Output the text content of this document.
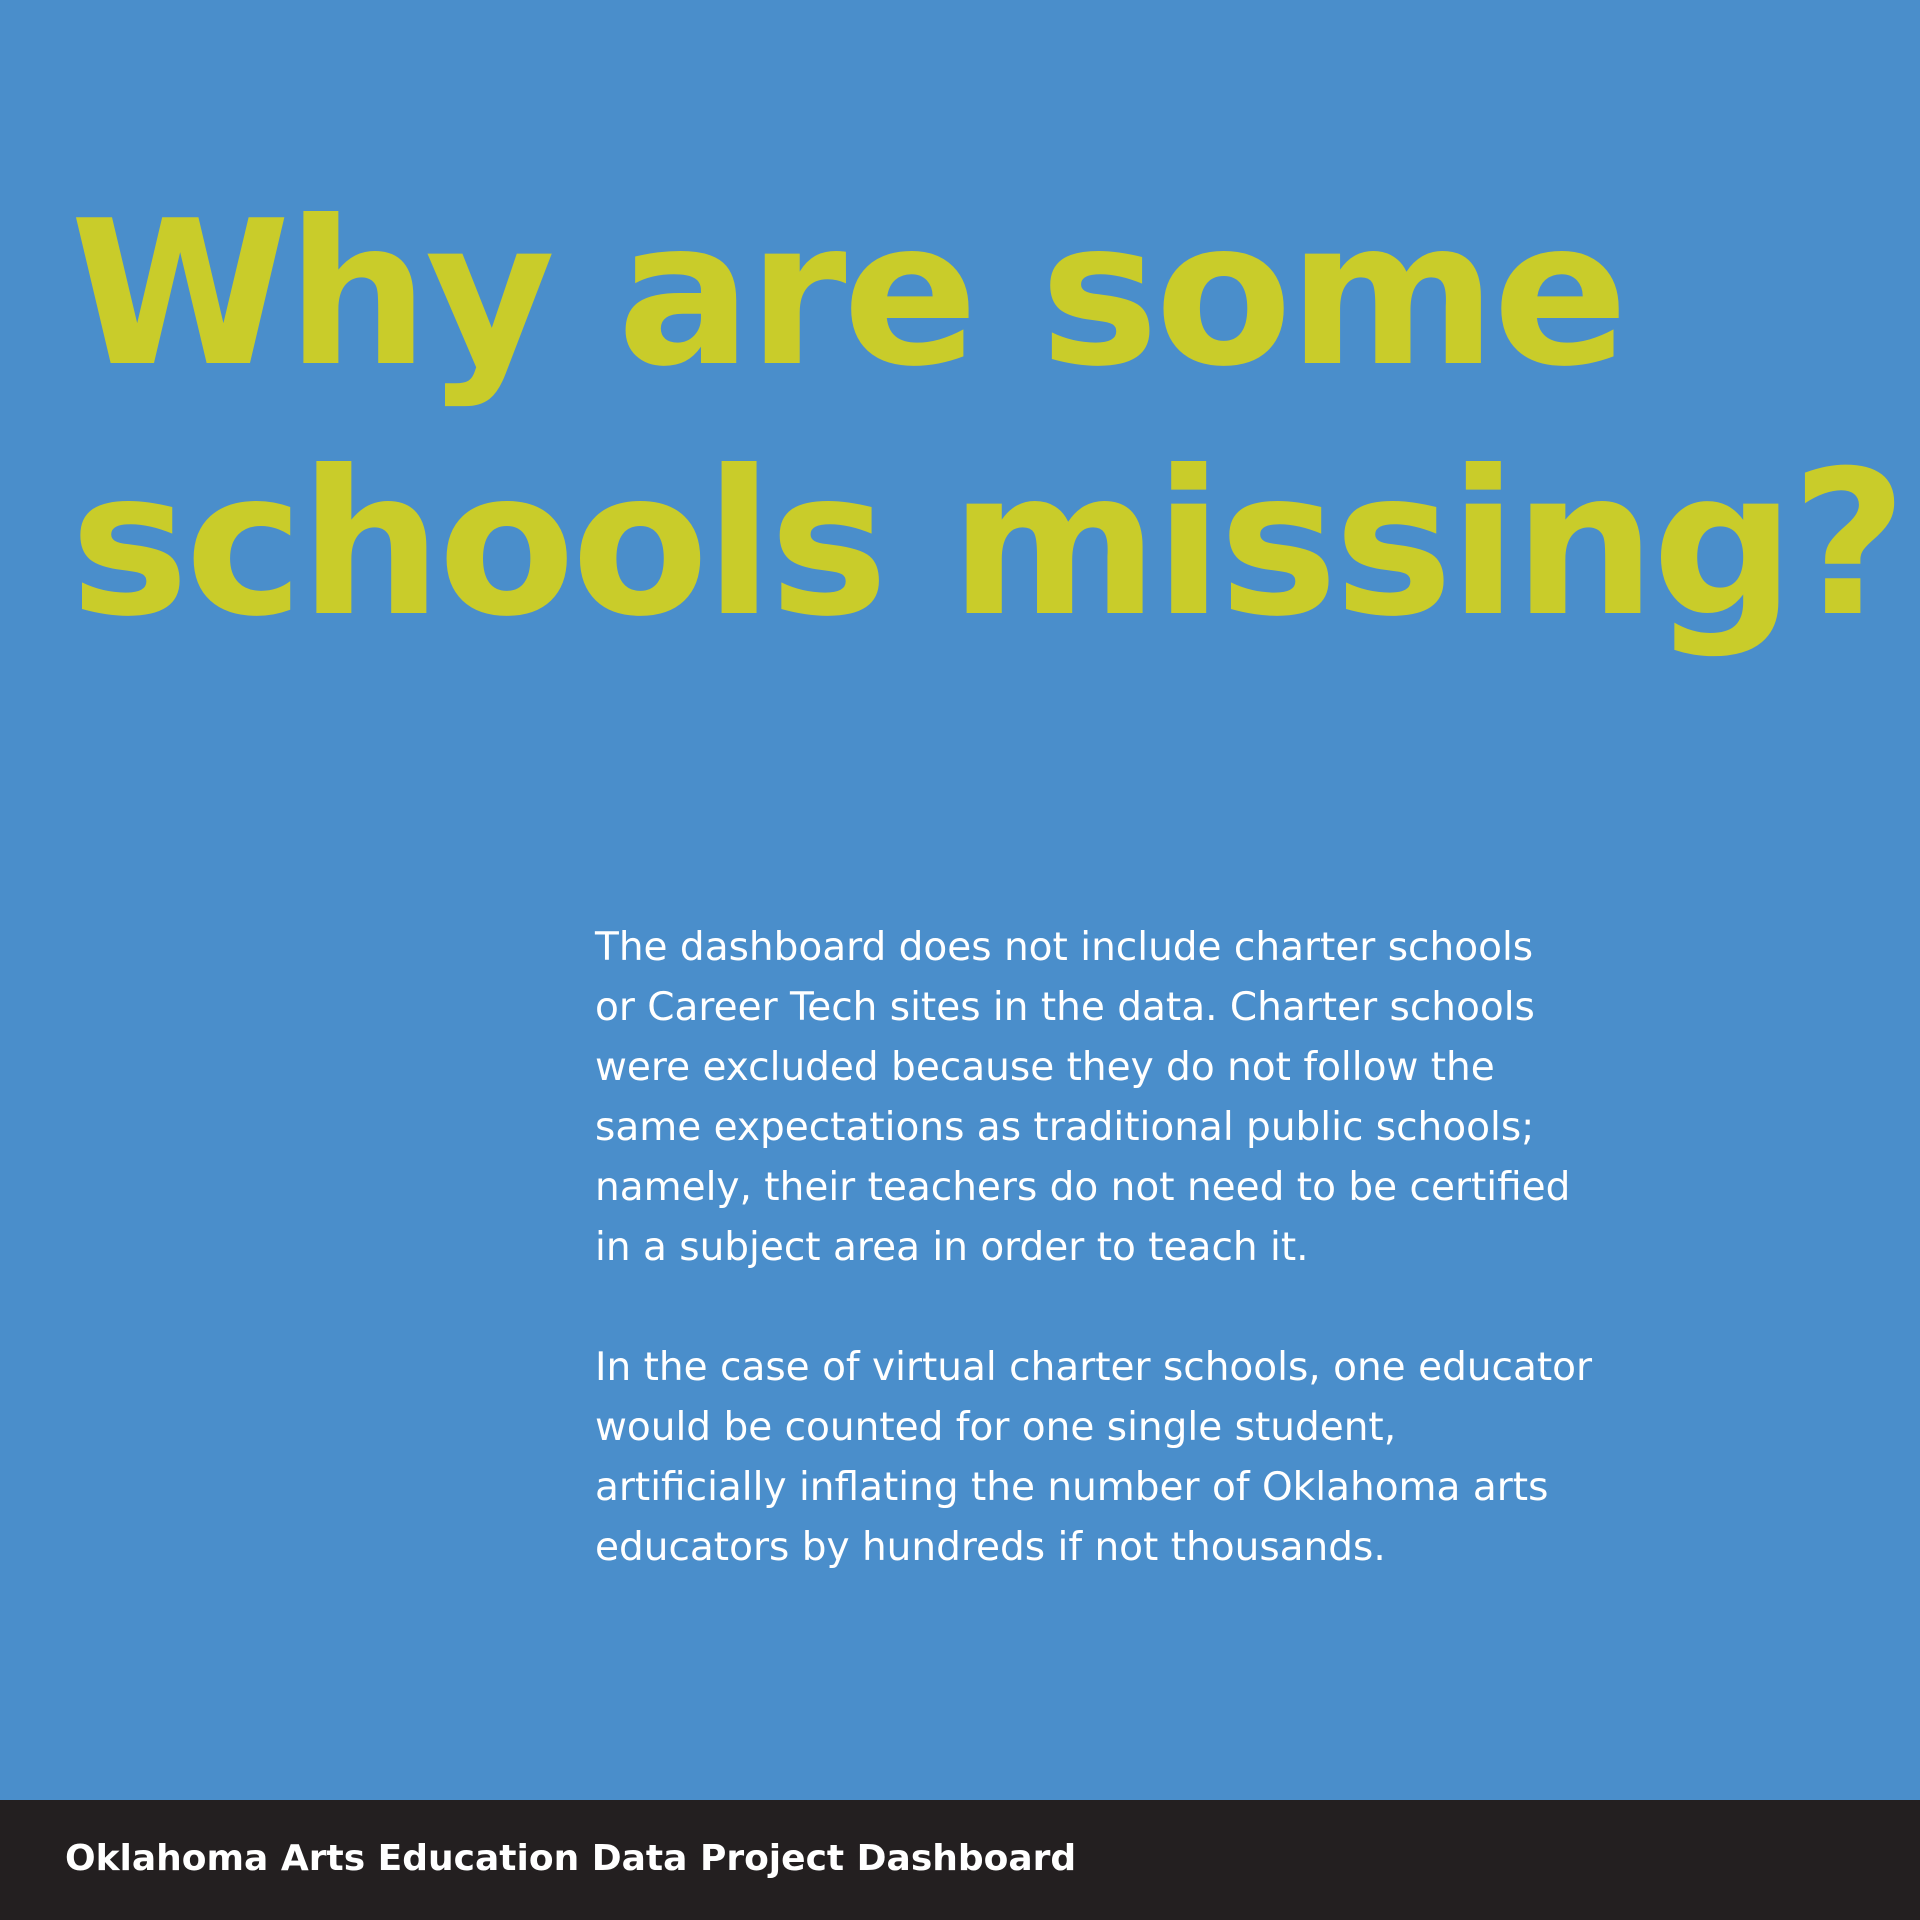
Why are some
schools missing?

The dashboard does not include charter schools
or Career Tech sites in the data. Charter schools
were excluded because they do not follow the
same expectations as traditional public schools;
namely, their teachers do not need to be certified
in a subject area in order to teach it.

In the case of virtual charter schools, one educator
would be counted for one single student,
artificially inflating the number of Oklahoma arts
educators by hundreds if not thousands.

Oklahoma Arts Education Data Project Dashboard
